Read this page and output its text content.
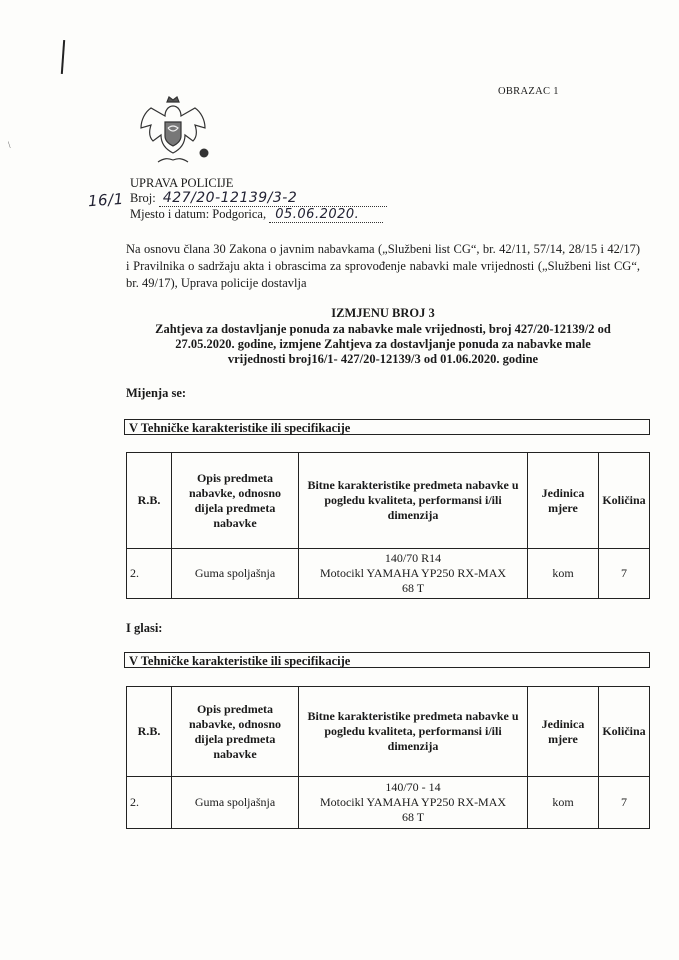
OBRAZAC 1
\
UPRAVA POLICIJE
16/1 Broj: 427/20-12139/3-2
Mjesto i datum: Podgorica, 05.06.2020.
Na osnovu člana 30 Zakona o javnim nabavkama („Službeni list CG“, br. 42/11, 57/14, 28/15 i 42/17) i Pravilnika o sadržaju akta i obrascima za sprovođenje nabavki male vrijednosti („Službeni list CG“, br. 49/17), Uprava policije dostavlja
IZMJENU BROJ 3
Zahtjeva za dostavljanje ponuda za nabavke male vrijednosti, broj 427/20-12139/2 od
27.05.2020. godine, izmjene Zahtjeva za dostavljanje ponuda za nabavke male
vrijednosti broj16/1- 427/20-12139/3 od 01.06.2020. godine
Mijenja se:
V Tehničke karakteristike ili specifikacije
R.B.	Opis predmeta nabavke, odnosno dijela predmeta nabavke	Bitne karakteristike predmeta nabavke u pogledu kvaliteta, performansi i/ili dimenzija	Jedinica mjere	Količina
2.	Guma spoljašnja	140/70 R14
Motocikl YAMAHA YP250 RX-MAX
68 T	kom	7
I glasi:
V Tehničke karakteristike ili specifikacije
R.B.	Opis predmeta nabavke, odnosno dijela predmeta nabavke	Bitne karakteristike predmeta nabavke u pogledu kvaliteta, performansi i/ili dimenzija	Jedinica mjere	Količina
2.	Guma spoljašnja	140/70 - 14
Motocikl YAMAHA YP250 RX-MAX
68 T	kom	7
